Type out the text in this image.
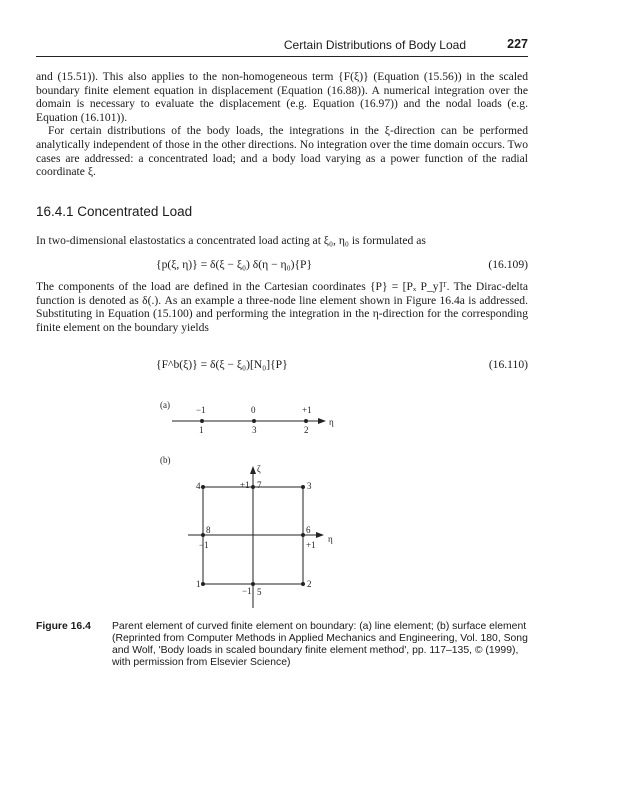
Certain Distributions of Body Load	227

and (15.51)). This also applies to the non-homogeneous term {F(ξ)} (Equation (15.56)) in the scaled boundary finite element equation in displacement (Equation (16.88)). A numerical integration over the domain is necessary to evaluate the displacement (e.g. Equation (16.97)) and the nodal loads (e.g. Equation (16.101)).

For certain distributions of the body loads, the integrations in the ξ-direction can be performed analytically independent of those in the other directions. No integration over the time domain occurs. Two cases are addressed: a concentrated load; and a body load varying as a power function of the radial coordinate ξ.

16.4.1 Concentrated Load
In two-dimensional elastostatics a concentrated load acting at ξ₀, η₀ is formulated as
{p(ξ, η)} = δ(ξ − ξ₀) δ(η − η₀){P}	(16.109)
The components of the load are defined in the Cartesian coordinates {P} = [Pₓ P_y]ᵀ. The Dirac-delta function is denoted as δ(.). As an example a three-node line element shown in Figure 16.4a is addressed. Substituting in Equation (15.100) and performing the integration in the η-direction for the corresponding finite element on the boundary yields
{F^b(ξ)} = δ(ξ − ξ₀)[N₀]{P}	(16.110)
(a)
η
−1	0	+1
1	3	2
(b)
ζ
η
4	3
1	2
7
5
8	6
+1
−1
−1	+1
Figure 16.4 Parent element of curved finite element on boundary: (a) line element; (b) surface element (Reprinted from Computer Methods in Applied Mechanics and Engineering, Vol. 180, Song and Wolf, 'Body loads in scaled boundary finite element method', pp. 117–135, © (1999), with permission from Elsevier Science)
